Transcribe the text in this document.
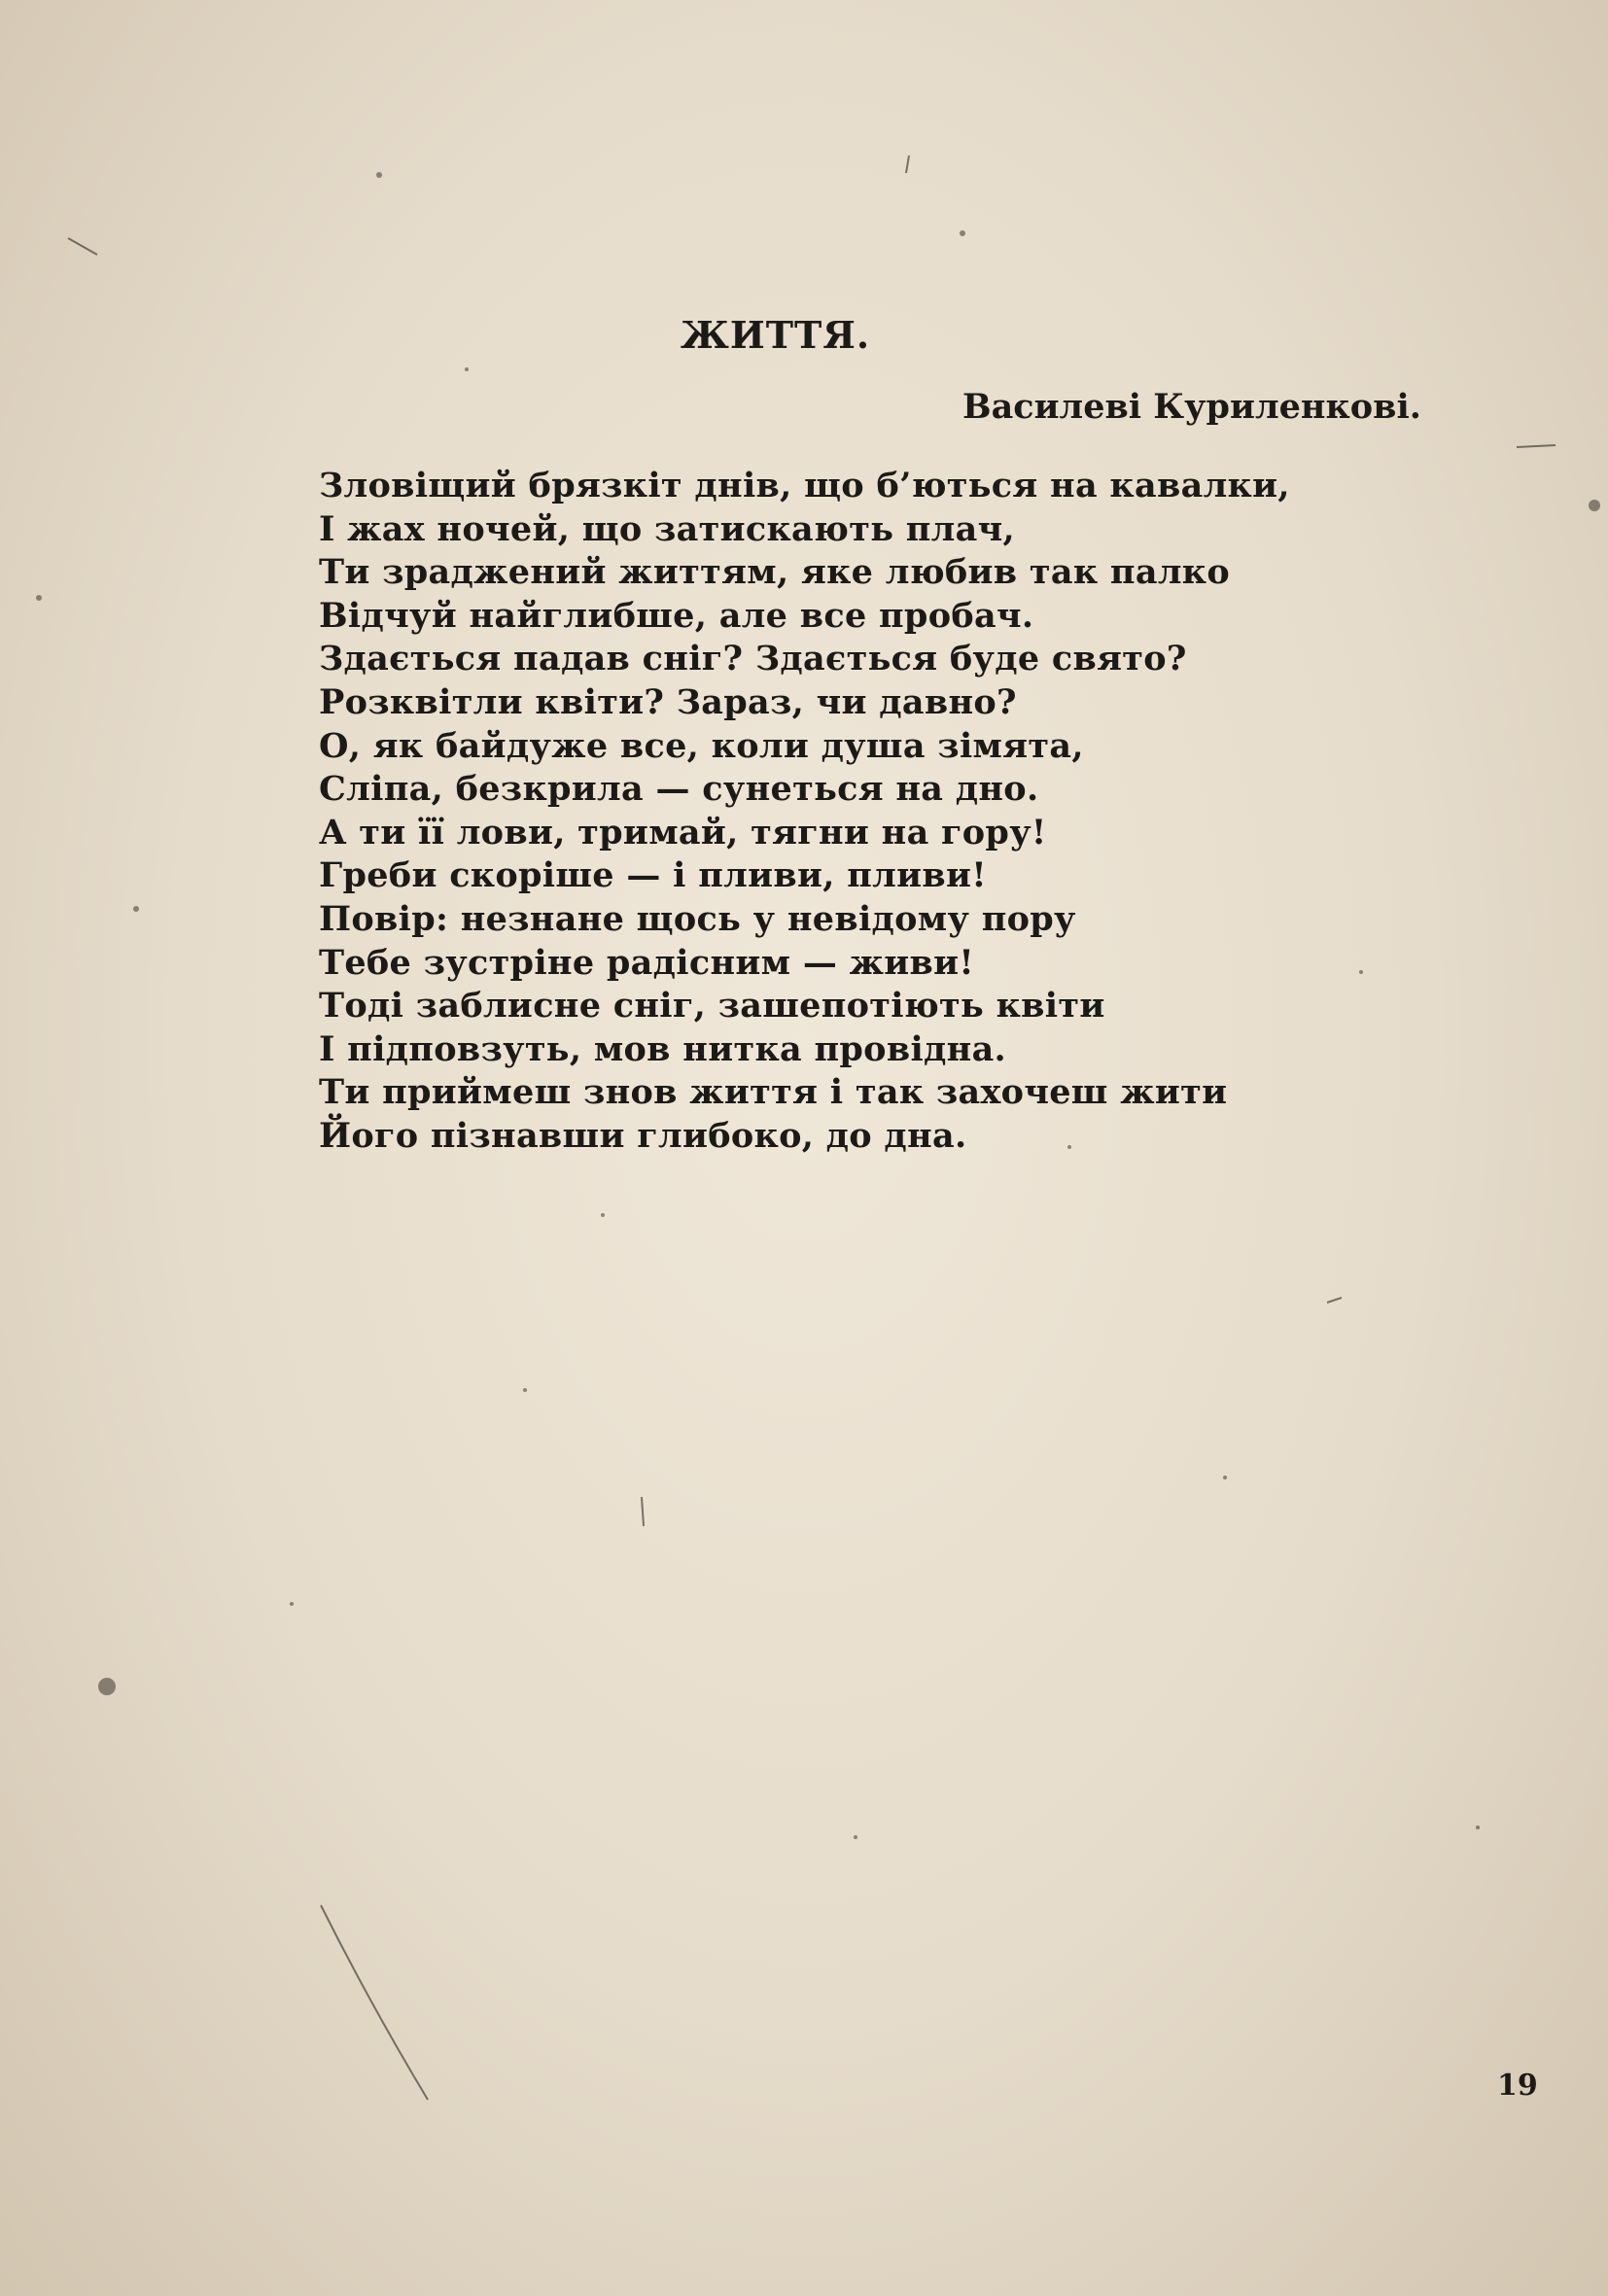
ЖИТТЯ.

Василеві Куриленкові.

Зловіщий брязкіт днів, що б’ються на кавалки,
І жах ночей, що затискають плач,
Ти зраджений життям, яке любив так палко
Відчуй найглибше, але все пробач.
Здається падав сніг? Здається буде свято?
Розквітли квіти? Зараз, чи давно?
О, як байдуже все, коли душа зімята,
Сліпа, безкрила — сунеться на дно.
А ти її лови, тримай, тягни на гору!
Греби скоріше — і пливи, пливи!
Повір: незнане щось у невідому пору
Тебе зустріне радісним — живи!
Тоді заблисне сніг, зашепотіють квіти
І підповзуть, мов нитка провідна.
Ти приймеш знов життя і так захочеш жити
Його пізнавши глибоко, до дна.

19
